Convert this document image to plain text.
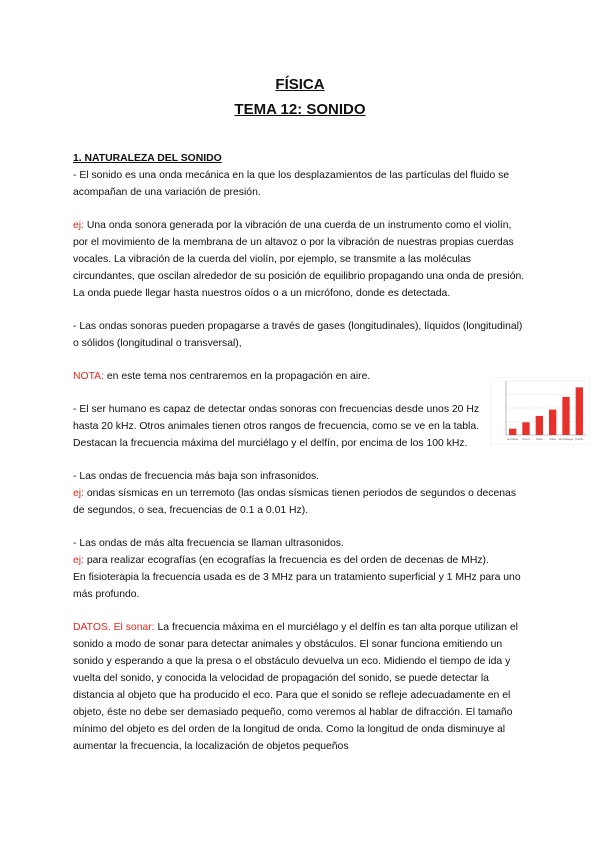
FÍSICA
TEMA 12: SONIDO

1. NATURALEZA DEL SONIDO

- El sonido es una onda mecánica en la que los desplazamientos de las partículas del fluido se acompañan de una variación de presión.

ej: Una onda sonora generada por la vibración de una cuerda de un instrumento como el violín, por el movimiento de la membrana de un altavoz o por la vibración de nuestras propias cuerdas vocales. La vibración de la cuerda del violín, por ejemplo, se transmite a las moléculas circundantes, que oscilan alrededor de su posición de equilibrio propagando una onda de presión. La onda puede llegar hasta nuestros oídos o a un micrófono, donde es detectada.

- Las ondas sonoras pueden propagarse a través de gases (longitudinales), líquidos (longitudinal) o sólidos (longitudinal o transversal),

NOTA: en este tema nos centraremos en la propagación en aire.

- El ser humano es capaz de detectar ondas sonoras con frecuencias desde unos 20 Hz hasta 20 kHz. Otros animales tienen otros rangos de frecuencia, como se ve en la tabla. Destacan la frecuencia máxima del murciélago y el delfín, por encima de los 100 kHz.

- Las ondas de frecuencia más baja son infrasonidos.

ej: ondas sísmicas en un terremoto (las ondas sísmicas tienen periodos de segundos o decenas de segundos, o sea, frecuencias de 0.1 a 0.01 Hz).

- Las ondas de más alta frecuencia se llaman ultrasonidos.

ej: para realizar ecografías (en ecografías la frecuencia es del orden de decenas de MHz).

En fisioterapia la frecuencia usada es de 3 MHz para un tratamiento superficial y 1 MHz para uno más profundo.

DATOS. El sonar: La frecuencia máxima en el murciélago y el delfín es tan alta porque utilizan el sonido a modo de sonar para detectar animales y obstáculos. El sonar funciona emitiendo un sonido y esperando a que la presa o el obstáculo devuelva un eco. Midiendo el tiempo de ida y vuelta del sonido, y conocida la velocidad de propagación del sonido, se puede detectar la distancia al objeto que ha producido el eco. Para que el sonido se refleje adecuadamente en el objeto, éste no debe ser demasiado pequeño, como veremos al hablar de difracción. El tamaño mínimo del objeto es del orden de la longitud de onda. Como la longitud de onda disminuye al aumentar la frecuencia, la localización de objetos pequeños

Humano Perro Gato Rata Murciélago Delfín
